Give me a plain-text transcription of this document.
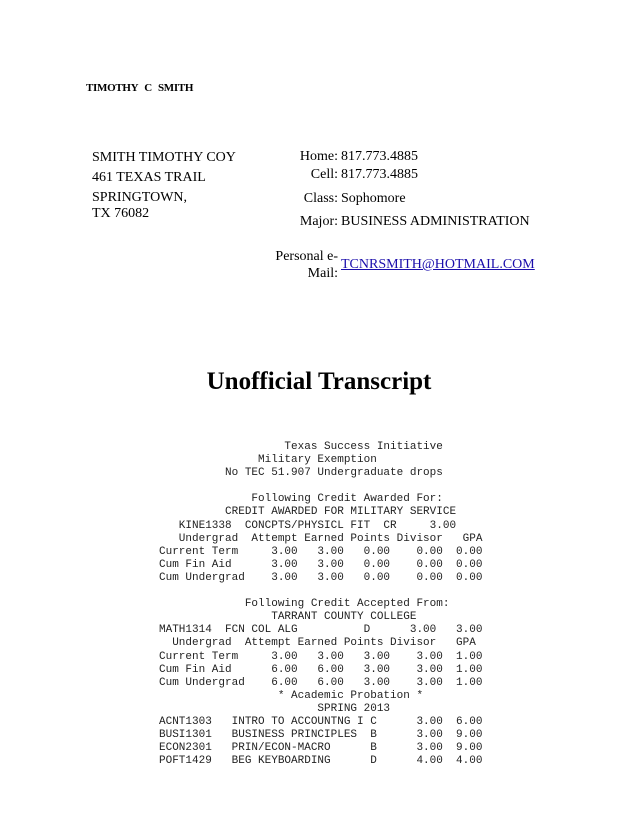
TIMOTHY C SMITH
SMITH TIMOTHY COY
461 TEXAS TRAIL
SPRINGTOWN,
TX 76082
Home: 817.773.4885
Cell: 817.773.4885
Class: Sophomore
Major: BUSINESS ADMINISTRATION
Personal e-
Mail:
TCNRSMITH@HOTMAIL.COM
Unofficial Transcript
Texas Success Initiative
Military Exemption
No TEC 51.907 Undergraduate drops

Following Credit Awarded For:
CREDIT AWARDED FOR MILITARY SERVICE
KINE1338  CONCPTS/PHYSICL FIT  CR     3.00
Undergrad  Attempt Earned Points Divisor   GPA
Current Term     3.00   3.00   0.00    0.00  0.00
Cum Fin Aid      3.00   3.00   0.00    0.00  0.00
Cum Undergrad    3.00   3.00   0.00    0.00  0.00

Following Credit Accepted From:
TARRANT COUNTY COLLEGE
MATH1314  FCN COL ALG          D      3.00   3.00
Undergrad  Attempt Earned Points Divisor   GPA
Current Term     3.00   3.00   3.00    3.00  1.00
Cum Fin Aid      6.00   6.00   3.00    3.00  1.00
Cum Undergrad    6.00   6.00   3.00    3.00  1.00
* Academic Probation *
SPRING 2013
ACNT1303   INTRO TO ACCOUNTNG I C      3.00  6.00
BUSI1301   BUSINESS PRINCIPLES  B      3.00  9.00
ECON2301   PRIN/ECON-MACRO      B      3.00  9.00
POFT1429   BEG KEYBOARDING      D      4.00  4.00
